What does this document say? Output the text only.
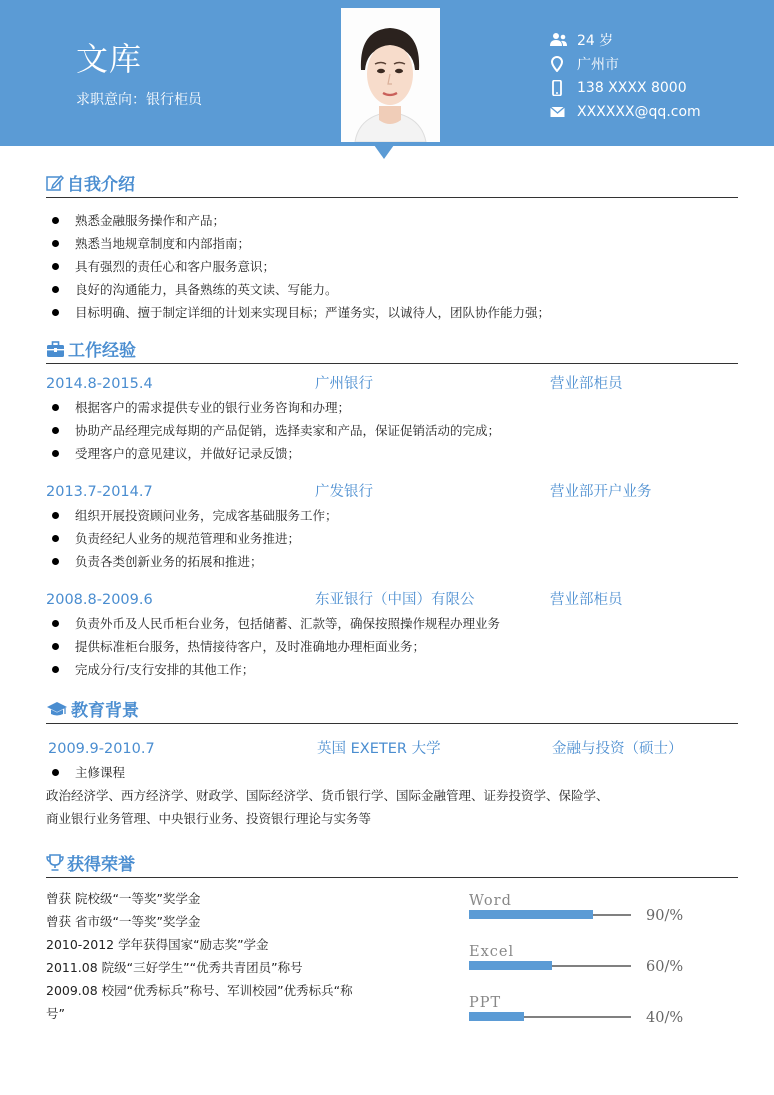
文库
求职意向：银行柜员
24 岁
广州市
138 XXXX 8000
XXXXXX@qq.com
自我介绍
熟悉金融服务操作和产品；
熟悉当地规章制度和内部指南；
具有强烈的责任心和客户服务意识；
良好的沟通能力，具备熟练的英文读、写能力。
目标明确、擅于制定详细的计划来实现目标；严谨务实，以诚待人，团队协作能力强；
工作经验
2014.8-2015.4	广州银行	营业部柜员
根据客户的需求提供专业的银行业务咨询和办理；
协助产品经理完成每期的产品促销，选择卖家和产品，保证促销活动的完成；
受理客户的意见建议，并做好记录反馈；
2013.7-2014.7	广发银行	营业部开户业务
组织开展投资顾问业务，完成客基础服务工作；
负责经纪人业务的规范管理和业务推进；
负责各类创新业务的拓展和推进；
2008.8-2009.6	东亚银行（中国）有限公	营业部柜员
负责外币及人民币柜台业务，包括储蓄、汇款等，确保按照操作规程办理业务
提供标准柜台服务，热情接待客户，及时准确地办理柜面业务；
完成分行/支行安排的其他工作；
教育背景
2009.9-2010.7	英国 EXETER 大学	金融与投资（硕士）
主修课程
政治经济学、西方经济学、财政学、国际经济学、货币银行学、国际金融管理、证券投资学、保险学、
商业银行业务管理、中央银行业务、投资银行理论与实务等
获得荣誉
曾获 院校级“一等奖”奖学金
曾获 省市级“一等奖”奖学金
2010-2012 学年获得国家“励志奖”学金
2011.08 院级“三好学生”“优秀共青团员”称号
2009.08 校园“优秀标兵”称号、军训校园”优秀标兵“称
号”
Word
90/%
Excel
60/%
PPT
40/%
